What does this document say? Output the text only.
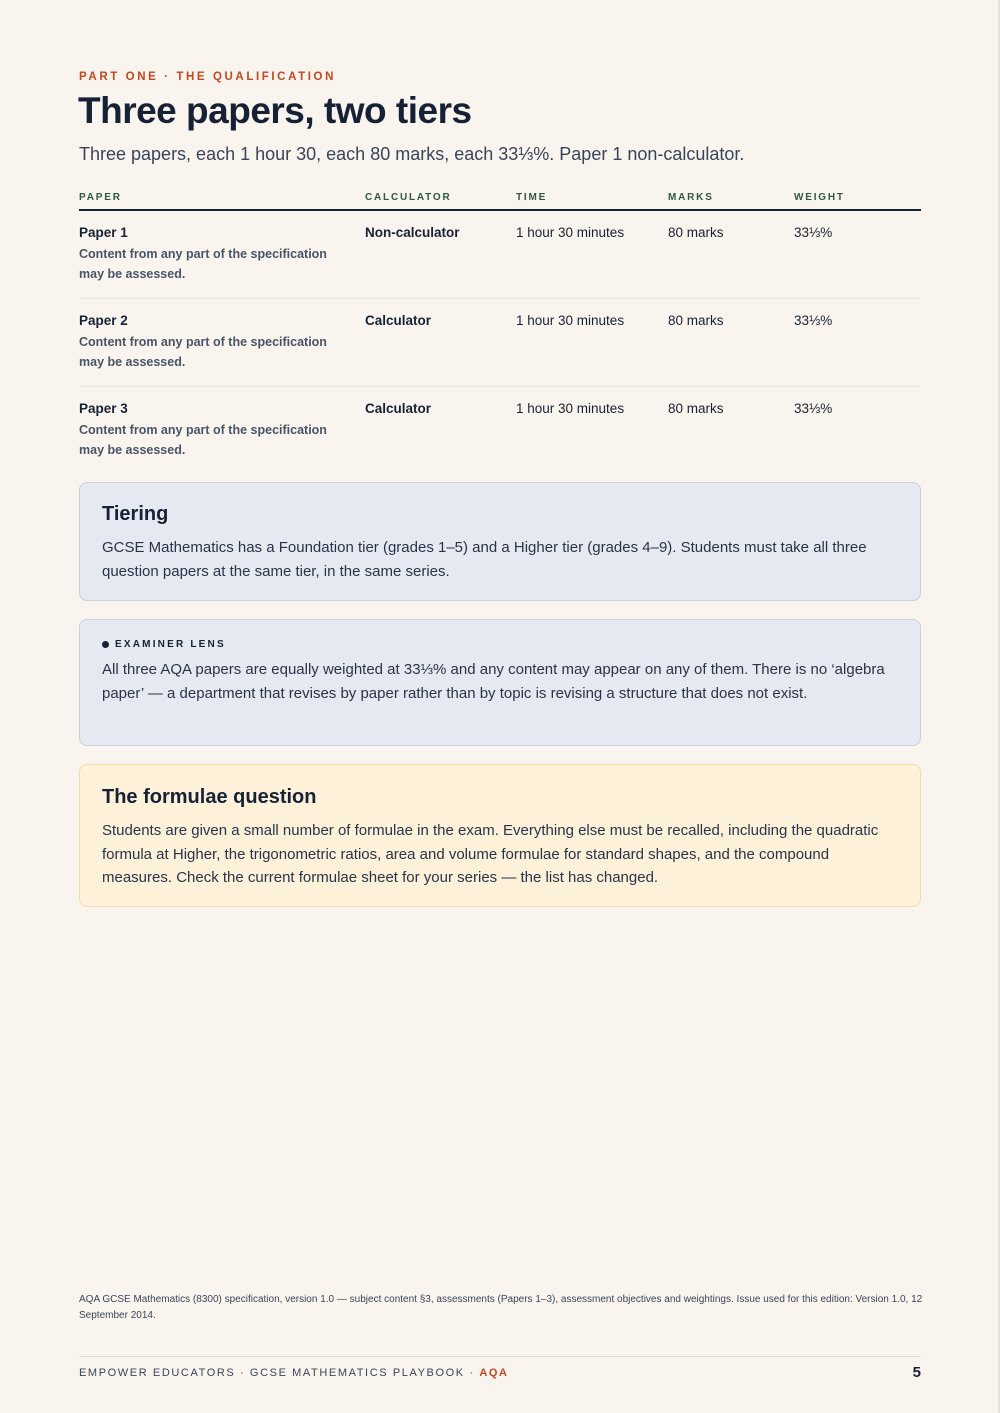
PART ONE · THE QUALIFICATION
Three papers, two tiers
Three papers, each 1 hour 30, each 80 marks, each 33⅓%. Paper 1 non-calculator.
PAPER	CALCULATOR	TIME	MARKS	WEIGHT

Paper 1
Content from any part of the specification may be assessed.	Non-calculator	1 hour 30 minutes	80 marks	33⅓%

Paper 2
Content from any part of the specification may be assessed.	Calculator	1 hour 30 minutes	80 marks	33⅓%

Paper 3
Content from any part of the specification may be assessed.	Calculator	1 hour 30 minutes	80 marks	33⅓%
Tiering

GCSE Mathematics has a Foundation tier (grades 1–5) and a Higher tier (grades 4–9). Students must take all three question papers at the same tier, in the same series.

EXAMINER LENS

All three AQA papers are equally weighted at 33⅓% and any content may appear on any of them. There is no ‘algebra paper’ — a department that revises by paper rather than by topic is revising a structure that does not exist.

The formulae question

Students are given a small number of formulae in the exam. Everything else must be recalled, including the quadratic formula at Higher, the trigonometric ratios, area and volume formulae for standard shapes, and the compound measures. Check the current formulae sheet for your series — the list has changed.

AQA GCSE Mathematics (8300) specification, version 1.0 — subject content §3, assessments (Papers 1–3), assessment objectives and weightings. Issue used for this edition: Version 1.0, 12 September 2014.
EMPOWER EDUCATORS · GCSE MATHEMATICS PLAYBOOK · AQA	5
